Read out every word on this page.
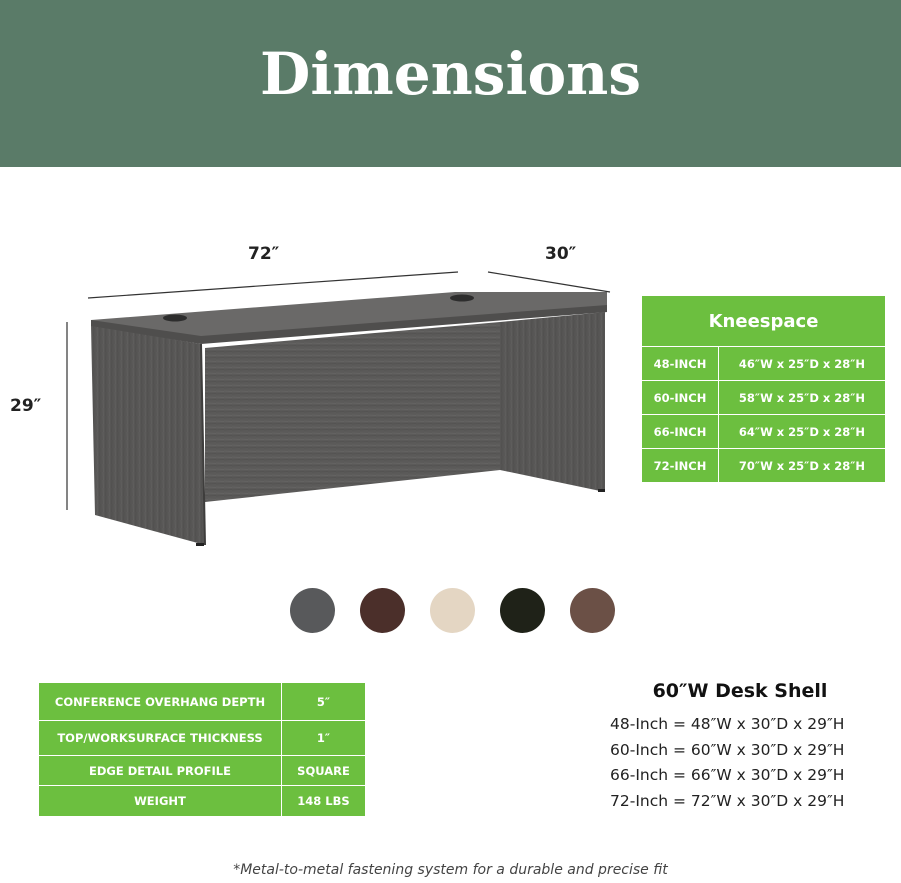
Dimensions
72″	30″
29″
Kneespace	
48-INCH	46″W x 25″D x 28″H
60-INCH	58″W x 25″D x 28″H
66-INCH	64″W x 25″D x 28″H
72-INCH	70″W x 25″D x 28″H
CONFERENCE OVERHANG DEPTH	5″
TOP/WORKSURFACE THICKNESS	1″
EDGE DETAIL PROFILE	SQUARE
WEIGHT	148 LBS
60″W Desk Shell
48-Inch = 48″W x 30″D x 29″H
60-Inch = 60″W x 30″D x 29″H
66-Inch = 66″W x 30″D x 29″H
72-Inch = 72″W x 30″D x 29″H
*Metal-to-metal fastening system for a durable and precise fit
